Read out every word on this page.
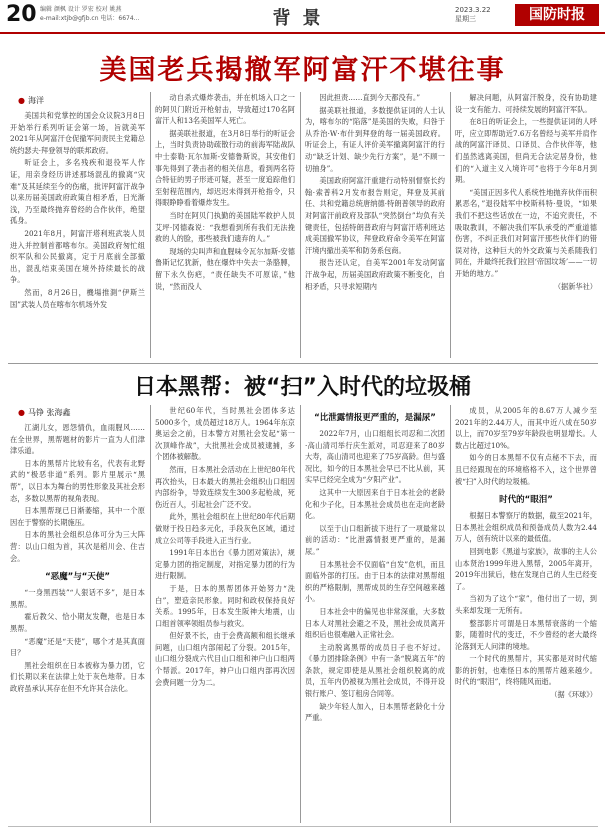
20 编辑 颜枫 设计 罗宏 校对 姚燕
e-mail:xtjb@gfjb.cn 电话：6674...	背景	2023.3.22
星期三	国防时报
美国老兵揭撤军阿富汗不堪往事
● 海洋

美国共和党掌控的国会众议院3月8日开始举行系列听证会第一场，旨就美军2021年从阿富汗仓促撤军问责民主党籍总统约瑟夫·拜登领导的联邦政府。

听证会上，多名残疾和退役军人作证，用亲身经历讲述那场混乱的撤离“灾难”及其延续至今的伤痛，批评阿富汗战争以来历届美国政府政策自相矛盾，日光渐浅，乃至最终抛弃曾经的合作伙伴，绝望孤身。

2021年8月，阿富汗塔利班武装人员进入并控制首都喀布尔。美国政府匆忙组织军队和公民撤离，定于月底前全部撤出，混乱结束美国在境外持续最长的战争。

然而，8月26日，機場推測“伊斯兰国”武装人员在喀布尔机场外发

动自杀式爆炸袭击，并在机场入口之一的阿贝门附近开枪射击，导致超过170名阿富汗人和13名美国军人死亡。

据美联社报道，在3月8日举行的听证会上，当时负责协助疏散行动的前海军陆战队中士泰勒·瓦尔加斯-安德鲁斯说，其安他们事先得到了袭击者的相关信息，看到两名符合特征的男子形迹可疑，甚至一度追踪他们至射程范围内，却迟迟未得到开枪指令，只得眼睁睁看着爆炸发生。

当时在阿贝门执勤的美国陆军救护人员艾坪·冈德森说：“我想看到所有我们无法挽救的人的脸，那些被我们遗弃的人。”

现场的尖叫声和血腥味令瓦尔加斯-安德鲁斯记忆犹新，他在爆炸中失去一条胳膊，留下永久伤疤，“责任缺失不可原谅，”他说，“然而没人

因此担责……直到今天都没有。”

据美联社报道，多数提供证词的人士认为，喀布尔的“陷落”是美国的失败，归咎于从乔治·W·布什到拜登的每一届美国政府。听证会上，有证人评价美军撤离阿富汗的行动“缺乏计划、缺少先行方案”，是“不顾一切抽身”。

美国政府阿富汗重建行动特别督察长约翰·索普科2月发布报告则定，拜登及其前任、共和党籍总统唐纳德·特朗普领导的政府对阿富汗前政府及部队“突然倒台”均负有关键责任，包括特朗普政府与阿富汗塔利班达成美国撤军协议，拜登政府命令美军在阿富汗境内撤出美军和防务系包商。

报告还认定，自美军2001年发动阿富汗战争起，历届美国政府政策不断变化，自相矛盾，只寻求短期内

解决问题，从阿富汗脱身，没有协助建设一支有能力、可持续发展的阿富汗军队。

在8日的听证会上，一些提供证词的人呼吁，应立即帮助近7.6万名曾经与美军并肩作战的阿富汗译员、口译员、合作伙伴等，他们虽然逃离美国，但尚无合法定居身份，他们的“入道主义入境许可”也将于今年8月到期。

“美国正因多代人系统性地抛弃伙伴而积累恶名，”退役陆军中校斯科特·曼说，“如果我们不把这些话放在一边，不追究责任，不吸取教训，不解决我们军队承受的严重道德伤害，不纠正我们对阿富汗那些伙伴们的错误对待，这种巨大的外交政策与关系随我们同在，并最终托我们拉回‘帝国坟场’——一切开始的地方。”

（据新华社）

日本黑帮：被“扫”入时代的垃圾桶
● 马铮 张海鑫

江湖儿女，恩怨情仇，血雨腥风……在全世界，黑帮题材的影片一直为人们津津乐道。

日本的黑帮片比较有名，代表有北野武的“极恶非道”系列。影片里展示“黑帮”，以日本为舞台的男性形象及其社会形态，多数以黑帮的视角表现。

日本黑帮现已日渐萎缩，其中一个原因在于警察的长期施压。

日本的黑社会组织总体可分为三大阵营：以山口组为首，其次是稻川会、住吉会。

“恶魔”与“天使”

“一身黑西装”“人狠话不多”，是日本黑帮。

霍后教父、恰小期友发鞭，也是日本黑帮。

“恶魔”还是“天使”，哪个才是其真面目？

黑社会组织在日本被称为暴力团，它们长期以来在法律上处于灰色地带。日本政府虽承认其存在但不允许其合法化。

世纪60年代，当时黑社会团体多达5000多个，成员超过18万人。1964年东京奥运会之前，日本警方对黑社会发起“第一次顶峰作战”，大批黑社会成员被逮捕，多个团体被解散。

然而，日本黑社会活动在上世纪80年代再次抬头，日本最大的黑社会组织山口组因内部纷争，导致连续发生300多起枪战，死伤近百人，引起社会广泛不安。

此外，黑社会组织在上世纪80年代后期做财于投日趋多元化，手段灰色区域，通过成立公司等手段进入正当行业。

1991年日本出台《暴力团对策法》，规定暴力团的指定制度，对指定暴力团的行为进行限制。

于是，日本的黑帮团体开始努力“洗白”，塑造亲民形象。同时和政权保持良好关系。1995年，日本发生阪神大地震，山口组首领率领组员参与救灾。

但好景不长，由于会费高额和组长继承问题，山口组内部闹起了分裂。2015年，山口组分裂成六代目山口组和神户山口组两个帮派。2017年，神户山口组内部再次因会费问题一分为二。

“比泄露情报更严重的，是漏尿”

2022年7月，山口组组长司忍和二次团·高山清司举行庆生派对，司忍迎来了80岁大寿，高山清司也迎来了75岁高龄。但与盛况比，如今的日本黑社会早已不比从前，其实早已经完全成为“夕阳产业”。

这其中一大原因来自于日本社会的老龄化和少子化，日本黑社会成员也在走向老龄化。

以至于山口组新拔下进行了一项最常以前的活动：“比泄露情报更严重的，是漏尿。”

日本黑社会不仅面临“自发”危机，而且面临外部的打压。由于日本的法律对黑帮组织的严格限制，黑帮成员的生存空间越来越小。

日本社会中的偏见也非常深重，大多数日本人对黑社会避之不及，黑社会成员离开组织后也很难融入正常社会。

主动脱离黑帮的成员日子也不好过。《暴力团排除条例》中有一条“脱离五年”的条款，规定即使是从黑社会组织脱离的成员，五年内仍被视为黑社会成员，不得开设银行账户、签订租房合同等。

缺少年轻人加入，日本黑帮老龄化十分严重。

成员，从2005年的8.67万人减少至2021年的2.44万人，而其中近八成在50岁以上，而70岁至79岁年龄段也明显增长。人数占比超过10%。

如今的日本黑帮不仅有点秘不下去，而且已经跟现在的环境格格不入，这个世界曾被“扫”入时代的垃圾桶。

时代的“眼泪”

根据日本警察厅的数据，截至2021年，日本黑社会组织成员和预备成员人数为2.44万人，创有统计以来的最低值。

回到电影《黑道与家族》，故事的主人公山本贤治1999年进入黑帮，2005年离开，2019年出狱后，他在发现自己的人生已经变了。

当初为了这个“家”，他付出了一切，到头来却发现一无所有。

整部影片可谓是日本黑帮衰落的一个缩影，随着时代的变迁，不少曾经的老大最终沦落到无人问津的境地。

一个时代的黑帮片，其实都是对时代缩影的折射，也难怪日本的黑帮片越来越少。时代的“眼泪”，终将随风而逝。

（据《环球》）
